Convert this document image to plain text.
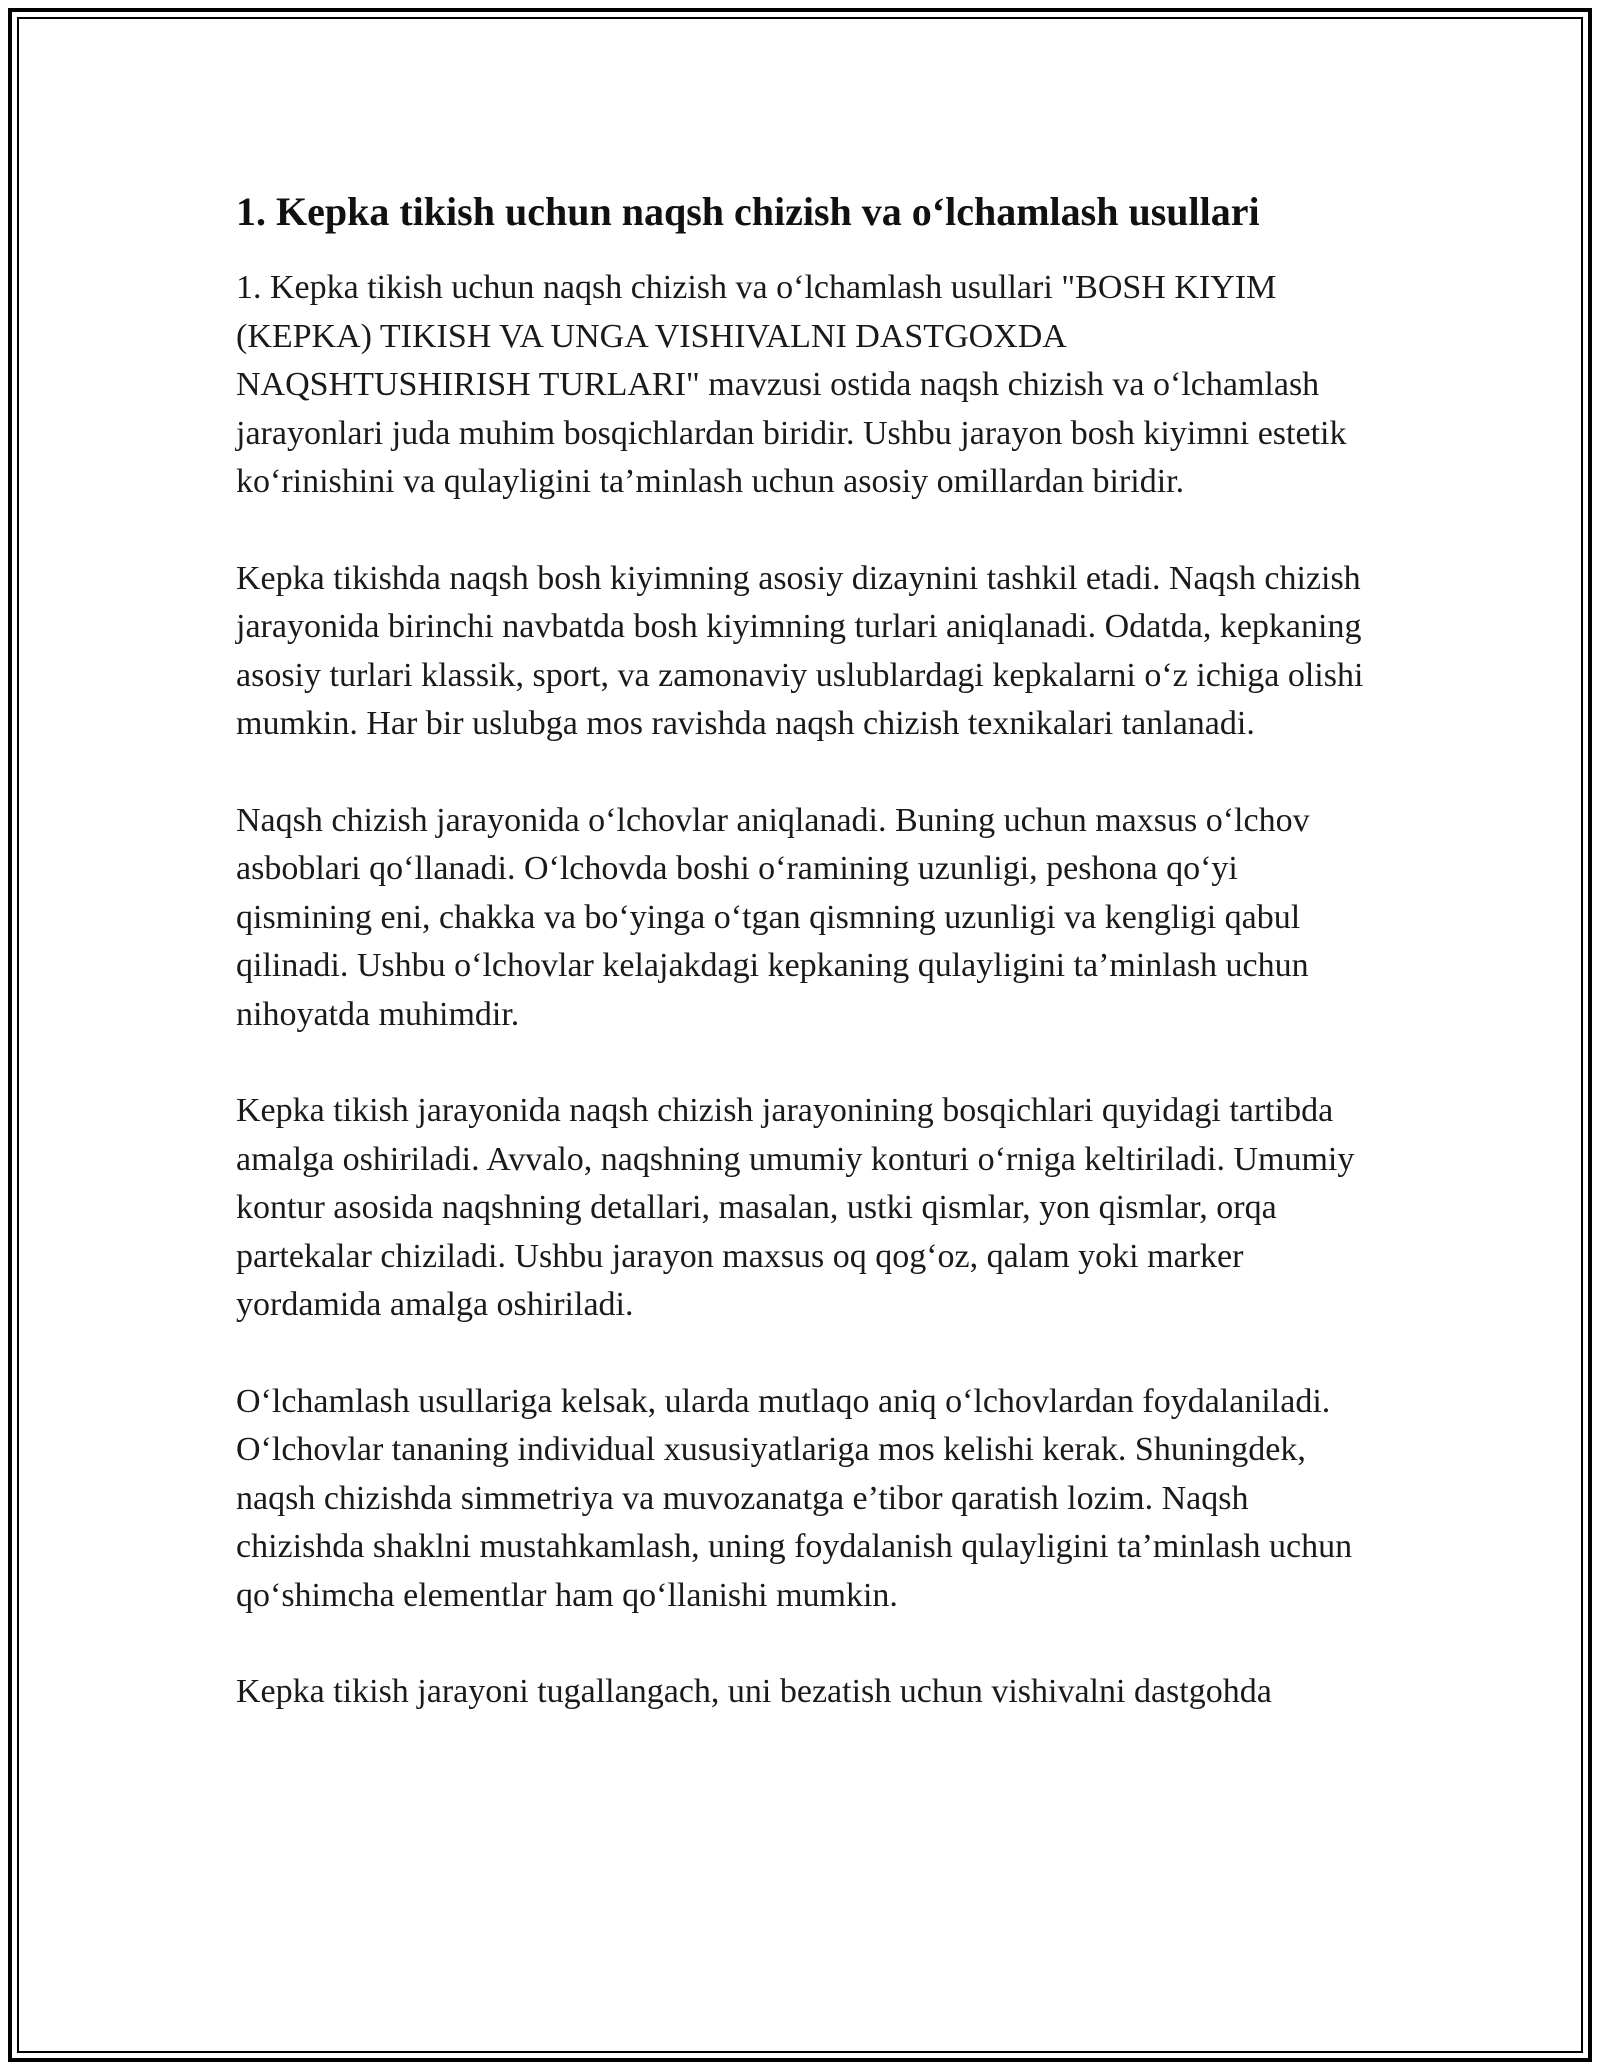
1. Kepka tikish uchun naqsh chizish va o‘lchamlash usullari

1. Kepka tikish uchun naqsh chizish va o‘lchamlash usullari "BOSH KIYIM (KEPKA) TIKISH VA UNGA VISHIVALNI DASTGOXDA NAQSHTUSHIRISH TURLARI" mavzusi ostida naqsh chizish va o‘lchamlash jarayonlari juda muhim bosqichlardan biridir. Ushbu jarayon bosh kiyimni estetik ko‘rinishini va qulayligini ta’minlash uchun asosiy omillardan biridir.

Kepka tikishda naqsh bosh kiyimning asosiy dizaynini tashkil etadi. Naqsh chizish jarayonida birinchi navbatda bosh kiyimning turlari aniqlanadi. Odatda, kepkaning asosiy turlari klassik, sport, va zamonaviy uslublardagi kepkalarni o‘z ichiga olishi mumkin. Har bir uslubga mos ravishda naqsh chizish texnikalari tanlanadi.

Naqsh chizish jarayonida o‘lchovlar aniqlanadi. Buning uchun maxsus o‘lchov asboblari qo‘llanadi. O‘lchovda boshi o‘ramining uzunligi, peshona qo‘yi qismining eni, chakka va bo‘yinga o‘tgan qismning uzunligi va kengligi qabul qilinadi. Ushbu o‘lchovlar kelajakdagi kepkaning qulayligini ta’minlash uchun nihoyatda muhimdir.

Kepka tikish jarayonida naqsh chizish jarayonining bosqichlari quyidagi tartibda amalga oshiriladi. Avvalo, naqshning umumiy konturi o‘rniga keltiriladi. Umumiy kontur asosida naqshning detallari, masalan, ustki qismlar, yon qismlar, orqa partekalar chiziladi. Ushbu jarayon maxsus oq qog‘oz, qalam yoki marker yordamida amalga oshiriladi.

O‘lchamlash usullariga kelsak, ularda mutlaqo aniq o‘lchovlardan foydalaniladi. O‘lchovlar tananing individual xususiyatlariga mos kelishi kerak. Shuningdek, naqsh chizishda simmetriya va muvozanatga e’tibor qaratish lozim. Naqsh chizishda shaklni mustahkamlash, uning foydalanish qulayligini ta’minlash uchun qo‘shimcha elementlar ham qo‘llanishi mumkin.

Kepka tikish jarayoni tugallangach, uni bezatish uchun vishivalni dastgohda
